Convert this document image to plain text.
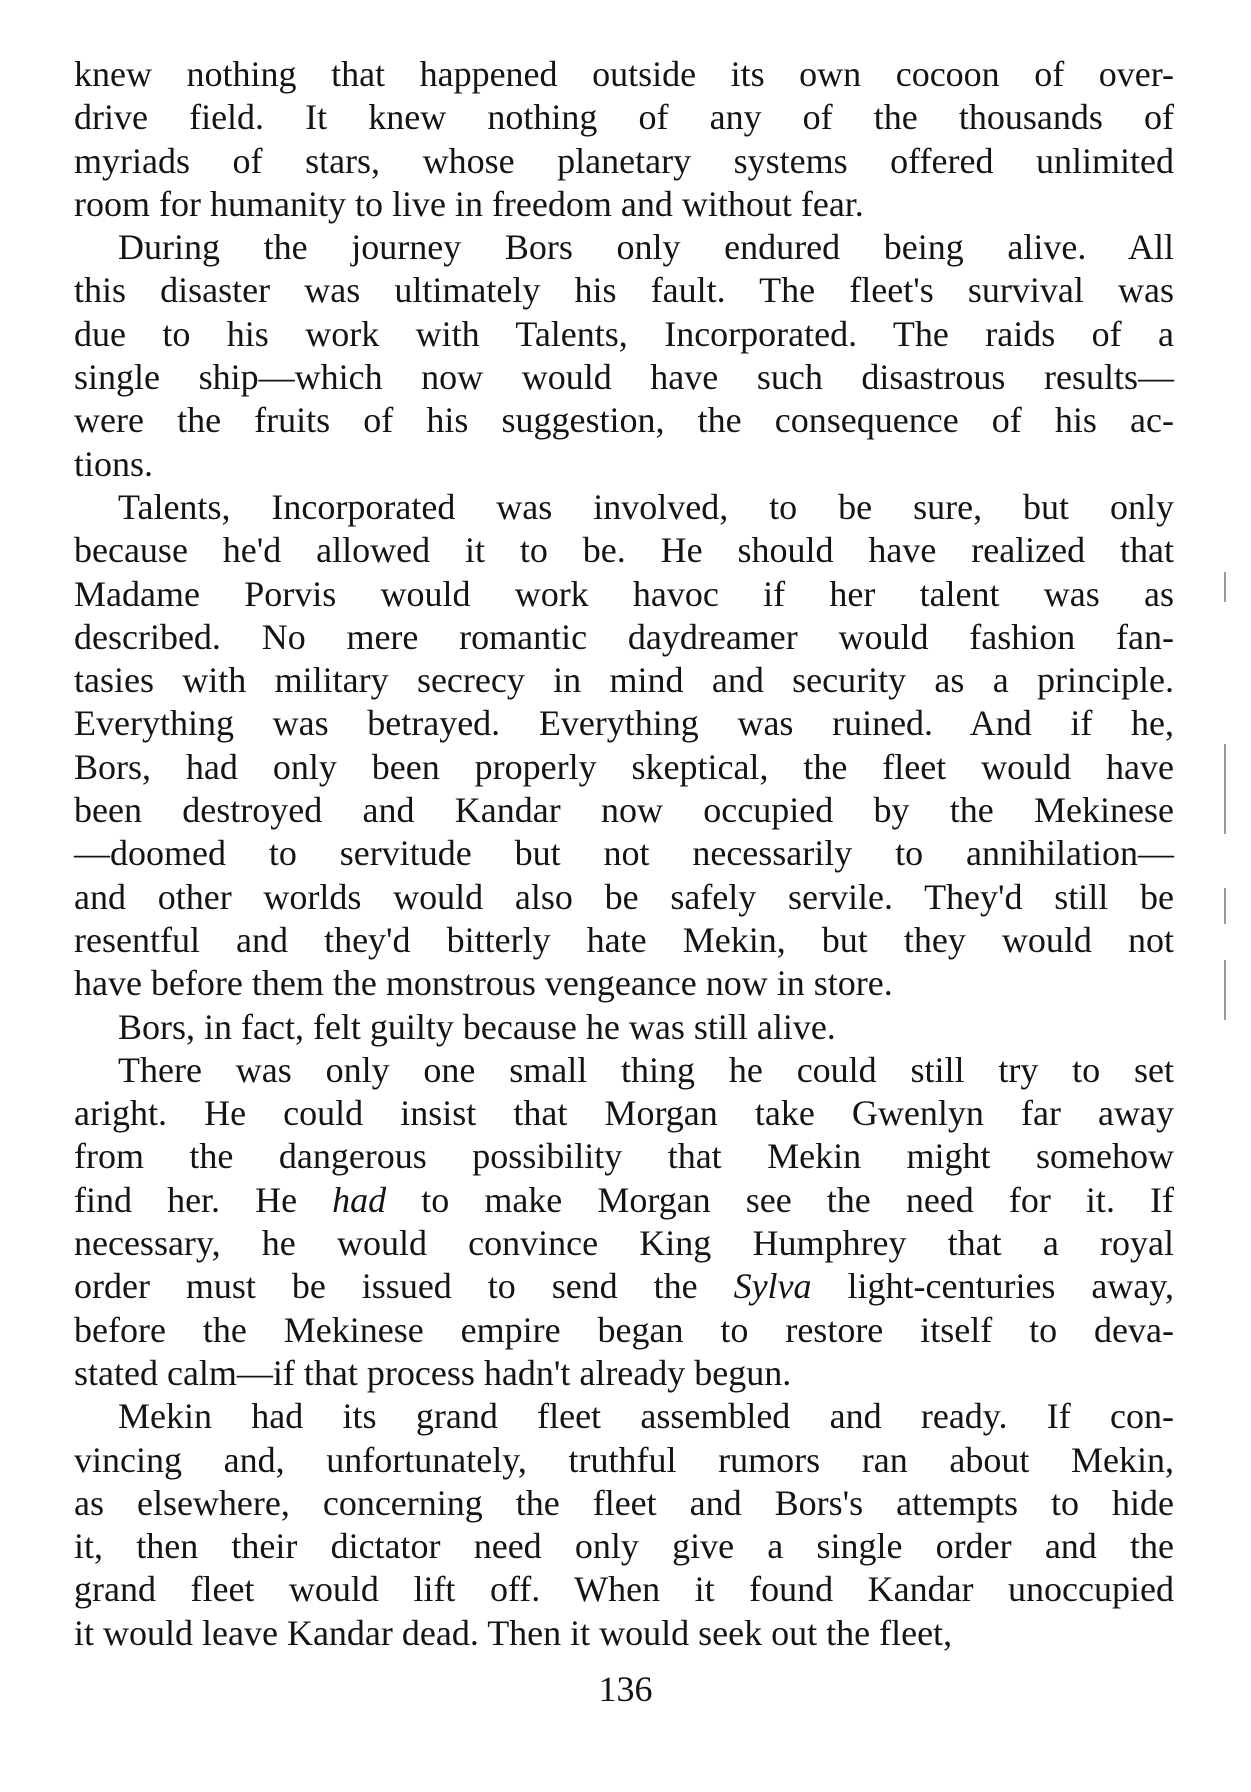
knew nothing that happened outside its own cocoon of over-
drive field. It knew nothing of any of the thousands of
myriads of stars, whose planetary systems offered unlimited
room for humanity to live in freedom and without fear.
During the journey Bors only endured being alive. All
this disaster was ultimately his fault. The fleet's survival was
due to his work with Talents, Incorporated. The raids of a
single ship—which now would have such disastrous results—
were the fruits of his suggestion, the consequence of his ac-
tions.
Talents, Incorporated was involved, to be sure, but only
because he'd allowed it to be. He should have realized that
Madame Porvis would work havoc if her talent was as
described. No mere romantic daydreamer would fashion fan-
tasies with military secrecy in mind and security as a principle.
Everything was betrayed. Everything was ruined. And if he,
Bors, had only been properly skeptical, the fleet would have
been destroyed and Kandar now occupied by the Mekinese
—doomed to servitude but not necessarily to annihilation—
and other worlds would also be safely servile. They'd still be
resentful and they'd bitterly hate Mekin, but they would not
have before them the monstrous vengeance now in store.
Bors, in fact, felt guilty because he was still alive.
There was only one small thing he could still try to set
aright. He could insist that Morgan take Gwenlyn far away
from the dangerous possibility that Mekin might somehow
find her. He had to make Morgan see the need for it. If
necessary, he would convince King Humphrey that a royal
order must be issued to send the Sylva light-centuries away,
before the Mekinese empire began to restore itself to deva-
stated calm—if that process hadn't already begun.
Mekin had its grand fleet assembled and ready. If con-
vincing and, unfortunately, truthful rumors ran about Mekin,
as elsewhere, concerning the fleet and Bors's attempts to hide
it, then their dictator need only give a single order and the
grand fleet would lift off. When it found Kandar unoccupied
it would leave Kandar dead. Then it would seek out the fleet,
136
